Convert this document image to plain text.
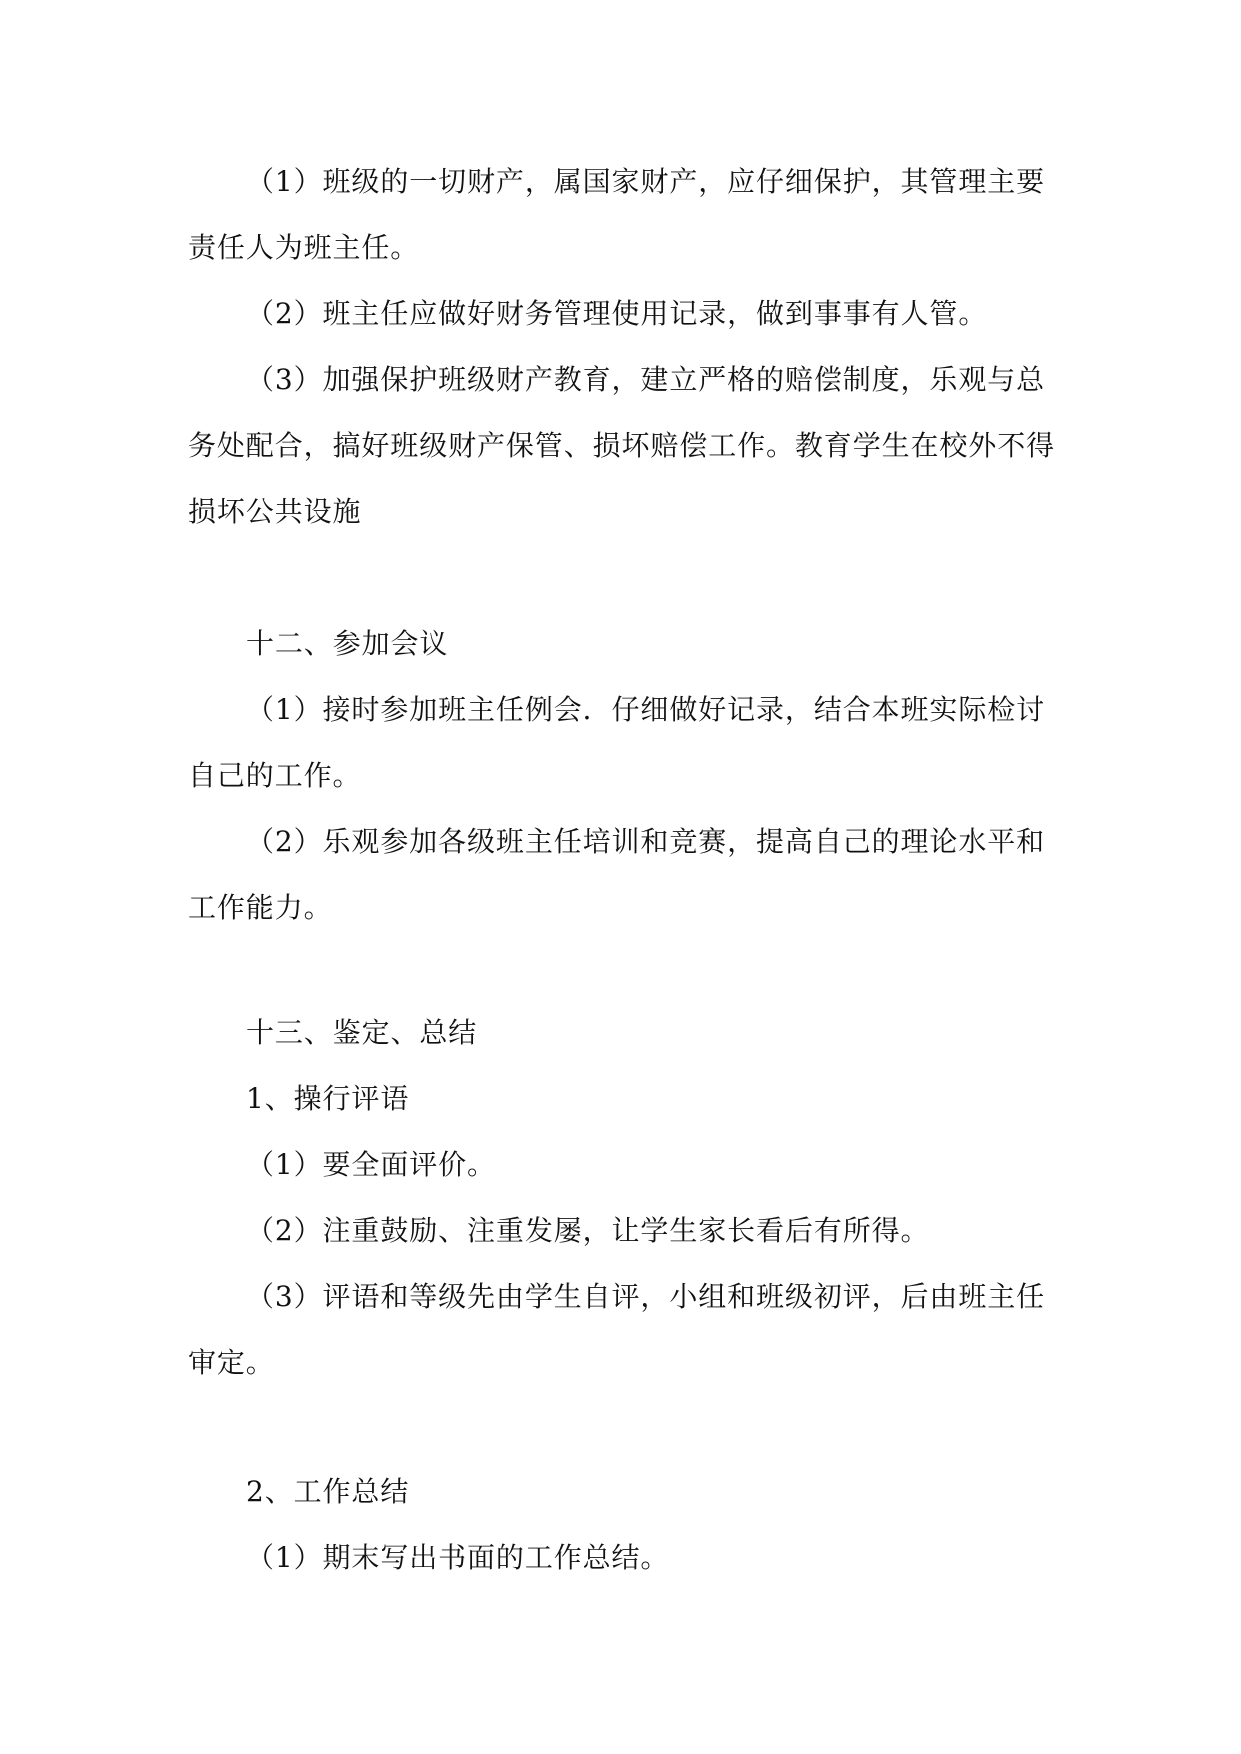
（1）班级的一切财产，属国家财产，应仔细保护，其管理主要
责任人为班主任。
（2）班主任应做好财务管理使用记录，做到事事有人管。
（3）加强保护班级财产教育，建立严格的赔偿制度，乐观与总
务处配合，搞好班级财产保管、损坏赔偿工作。教育学生在校外不得
损坏公共设施
十二、参加会议
（1）接时参加班主任例会．仔细做好记录，结合本班实际检讨
自己的工作。
（2）乐观参加各级班主任培训和竞赛，提高自己的理论水平和
工作能力。
十三、鉴定、总结
1、操行评语
（1）要全面评价。
（2）注重鼓励、注重发屡，让学生家长看后有所得。
（3）评语和等级先由学生自评，小组和班级初评，后由班主任
审定。
2、工作总结
（1）期末写出书面的工作总结。
